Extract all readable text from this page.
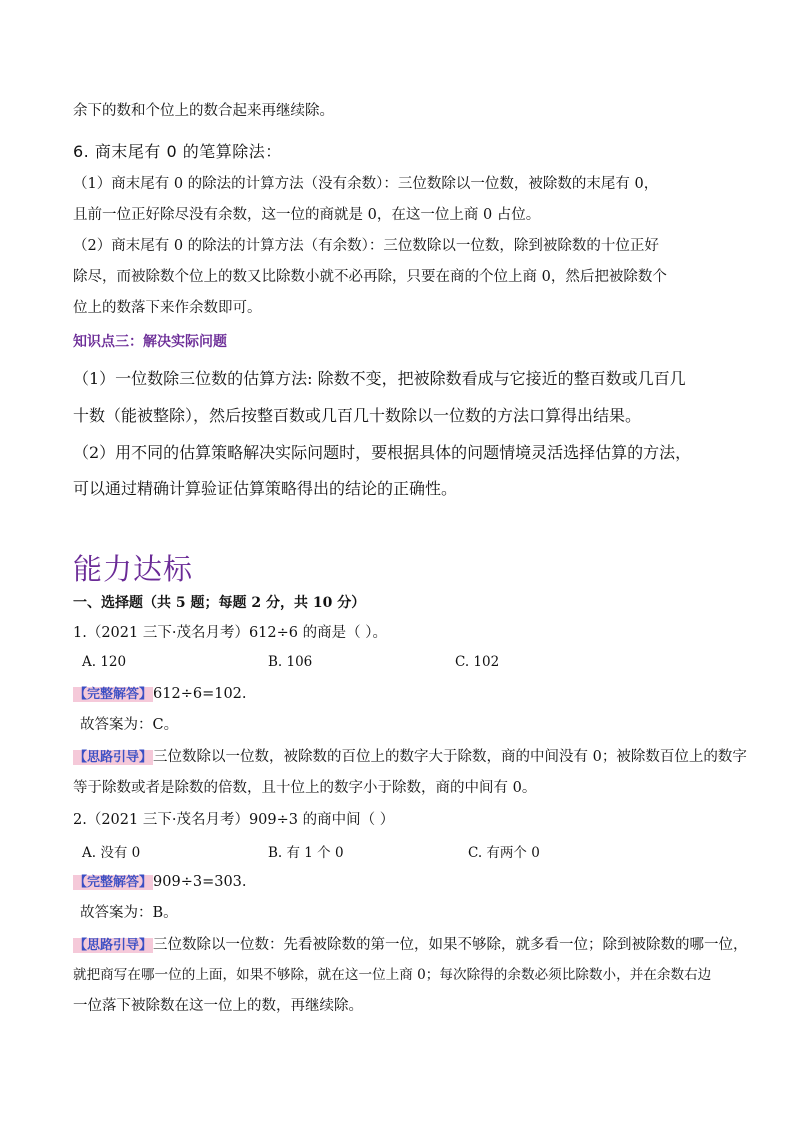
余下的数和个位上的数合起来再继续除。
6. 商末尾有 0 的笔算除法：
（1）商末尾有 0 的除法的计算方法（没有余数）：三位数除以一位数，被除数的末尾有 0，
且前一位正好除尽没有余数，这一位的商就是 0，在这一位上商 0 占位。
（2）商末尾有 0 的除法的计算方法（有余数）：三位数除以一位数，除到被除数的十位正好
除尽，而被除数个位上的数又比除数小就不必再除，只要在商的个位上商 0，然后把被除数个
位上的数落下来作余数即可。
知识点三：解决实际问题
（1）一位数除三位数的估算方法: 除数不变，把被除数看成与它接近的整百数或几百几
十数（能被整除），然后按整百数或几百几十数除以一位数的方法口算得出结果。
（2）用不同的估算策略解决实际问题时，要根据具体的问题情境灵活选择估算的方法，
可以通过精确计算验证估算策略得出的结论的正确性。
能力达标
一、选择题（共 5 题；每题 2 分，共 10 分）
1.（2021 三下·茂名月考）612÷6 的商是（ ）。
A. 120	B. 106	C. 102
【完整解答】612÷6=102.
故答案为：C。
【思路引导】三位数除以一位数，被除数的百位上的数字大于除数，商的中间没有 0；被除数百位上的数字
等于除数或者是除数的倍数，且十位上的数字小于除数，商的中间有 0。
2.（2021 三下·茂名月考）909÷3 的商中间（ ）
A. 没有 0	B. 有 1 个 0	C. 有两个 0
【完整解答】909÷3=303.
故答案为：B。
【思路引导】三位数除以一位数：先看被除数的第一位，如果不够除，就多看一位；除到被除数的哪一位，
就把商写在哪一位的上面，如果不够除，就在这一位上商 0；每次除得的余数必须比除数小，并在余数右边
一位落下被除数在这一位上的数，再继续除。
